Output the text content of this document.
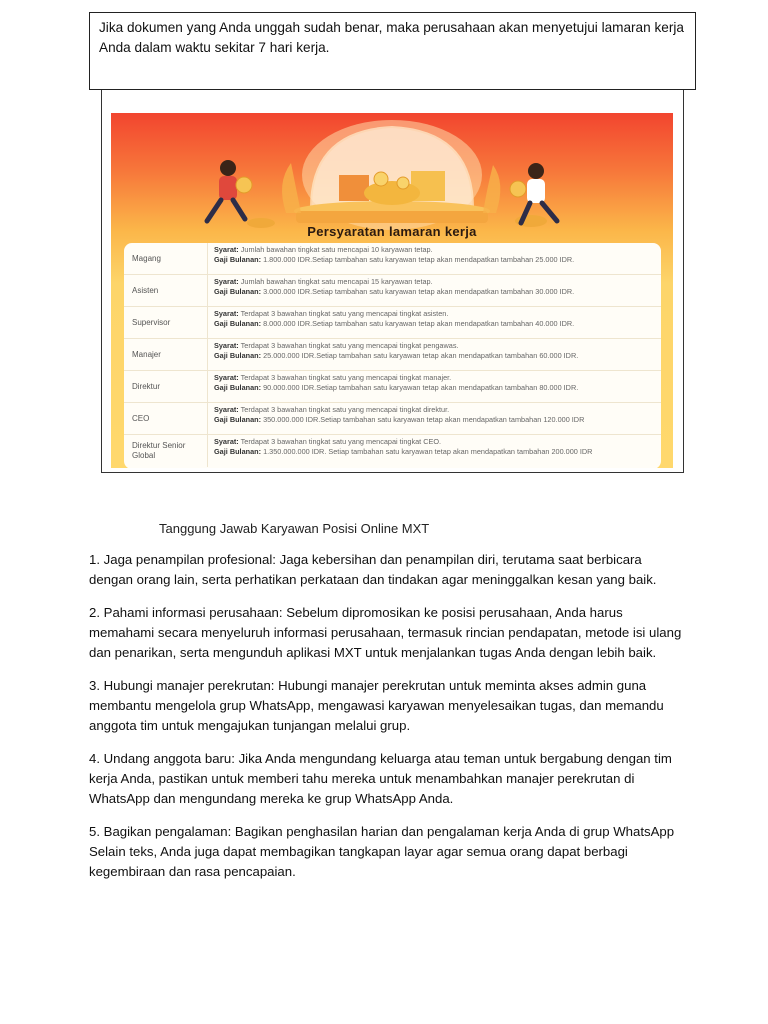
Jika dokumen yang Anda unggah sudah benar, maka perusahaan akan menyetujui lamaran kerja Anda dalam waktu sekitar 7 hari kerja.
Persyaratan lamaran kerja
Magang
Syarat: Jumlah bawahan tingkat satu mencapai 10 karyawan tetap.
Gaji Bulanan: 1.800.000 IDR.Setiap tambahan satu karyawan tetap akan mendapatkan tambahan 25.000 IDR.
Asisten
Syarat: Jumlah bawahan tingkat satu mencapai 15 karyawan tetap.
Gaji Bulanan: 3.000.000 IDR.Setiap tambahan satu karyawan tetap akan mendapatkan tambahan 30.000 IDR.
Supervisor
Syarat: Terdapat 3 bawahan tingkat satu yang mencapai tingkat asisten.
Gaji Bulanan: 8.000.000 IDR.Setiap tambahan satu karyawan tetap akan mendapatkan tambahan 40.000 IDR.
Manajer
Syarat: Terdapat 3 bawahan tingkat satu yang mencapai tingkat pengawas.
Gaji Bulanan: 25.000.000 IDR.Setiap tambahan satu karyawan tetap akan mendapatkan tambahan 60.000 IDR.
Direktur
Syarat: Terdapat 3 bawahan tingkat satu yang mencapai tingkat manajer.
Gaji Bulanan: 90.000.000 IDR.Setiap tambahan satu karyawan tetap akan mendapatkan tambahan 80.000 IDR.
CEO
Syarat: Terdapat 3 bawahan tingkat satu yang mencapai tingkat direktur.
Gaji Bulanan: 350.000.000 IDR.Setiap tambahan satu karyawan tetap akan mendapatkan tambahan 120.000 IDR
Direktur Senior Global
Syarat: Terdapat 3 bawahan tingkat satu yang mencapai tingkat CEO.
Gaji Bulanan: 1.350.000.000 IDR. Setiap tambahan satu karyawan tetap akan mendapatkan tambahan 200.000 IDR
Tanggung Jawab Karyawan Posisi Online MXT

1. Jaga penampilan profesional: Jaga kebersihan dan penampilan diri, terutama saat berbicara dengan orang lain, serta perhatikan perkataan dan tindakan agar meninggalkan kesan yang baik.

2. Pahami informasi perusahaan: Sebelum dipromosikan ke posisi perusahaan, Anda harus memahami secara menyeluruh informasi perusahaan, termasuk rincian pendapatan, metode isi ulang dan penarikan, serta mengunduh aplikasi MXT untuk menjalankan tugas Anda dengan lebih baik.

3. Hubungi manajer perekrutan: Hubungi manajer perekrutan untuk meminta akses admin guna membantu mengelola grup WhatsApp, mengawasi karyawan menyelesaikan tugas, dan memandu anggota tim untuk mengajukan tunjangan melalui grup.

4. Undang anggota baru: Jika Anda mengundang keluarga atau teman untuk bergabung dengan tim kerja Anda, pastikan untuk memberi tahu mereka untuk menambahkan manajer perekrutan di WhatsApp dan mengundang mereka ke grup WhatsApp Anda.

5. Bagikan pengalaman: Bagikan penghasilan harian dan pengalaman kerja Anda di grup WhatsApp Selain teks, Anda juga dapat membagikan tangkapan layar agar semua orang dapat berbagi kegembiraan dan rasa pencapaian.
